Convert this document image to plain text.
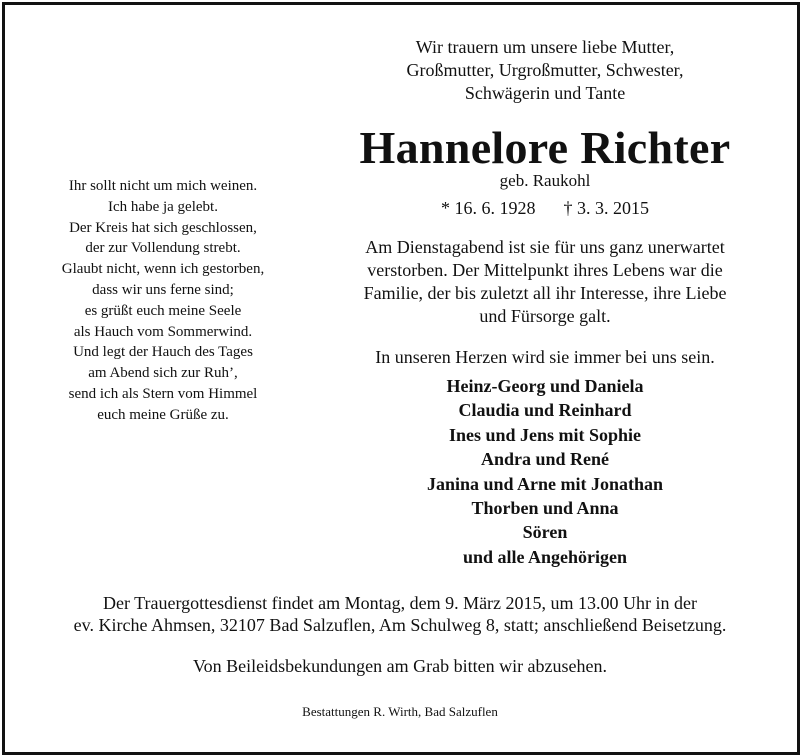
Wir trauern um unsere liebe Mutter,
Großmutter, Urgroßmutter, Schwester,
Schwägerin und Tante
Hannelore Richter
geb. Raukohl
* 16. 6. 1928 † 3. 3. 2015
Am Dienstagabend ist sie für uns ganz unerwartet
verstorben. Der Mittelpunkt ihres Lebens war die
Familie, der bis zuletzt all ihr Interesse, ihre Liebe
und Fürsorge galt.
In unseren Herzen wird sie immer bei uns sein.
Heinz-Georg und Daniela
Claudia und Reinhard
Ines und Jens mit Sophie
Andra und René
Janina und Arne mit Jonathan
Thorben und Anna
Sören
und alle Angehörigen
Ihr sollt nicht um mich weinen.
Ich habe ja gelebt.
Der Kreis hat sich geschlossen,
der zur Vollendung strebt.
Glaubt nicht, wenn ich gestorben,
dass wir uns ferne sind;
es grüßt euch meine Seele
als Hauch vom Sommerwind.
Und legt der Hauch des Tages
am Abend sich zur Ruh’,
send ich als Stern vom Himmel
euch meine Grüße zu.
Der Trauergottesdienst findet am Montag, dem 9. März 2015, um 13.00 Uhr in der
ev. Kirche Ahmsen, 32107 Bad Salzuflen, Am Schulweg 8, statt; anschließend Beisetzung.
Von Beileidsbekundungen am Grab bitten wir abzusehen.
Bestattungen R. Wirth, Bad Salzuflen
